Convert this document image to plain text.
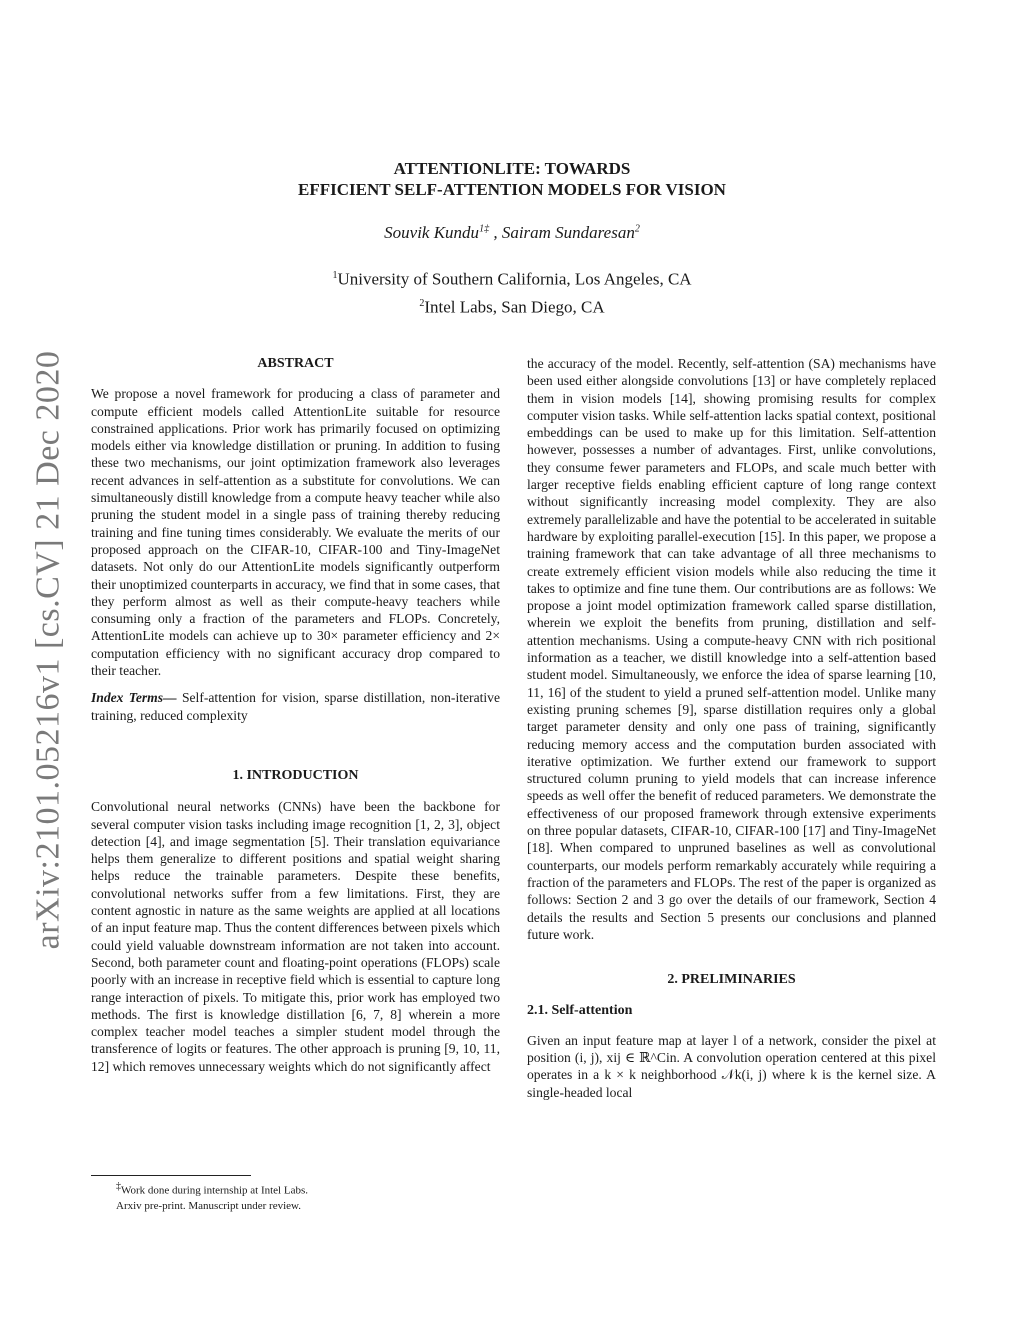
arXiv:2101.05216v1 [cs.CV] 21 Dec 2020
ATTENTIONLITE: TOWARDS
EFFICIENT SELF-ATTENTION MODELS FOR VISION
Souvik Kundu$^{1\ddagger}$ , Sairam Sundaresan$^2$
$^1$University of Southern California, Los Angeles, CA
$^2$Intel Labs, San Diego, CA
ABSTRACT

We propose a novel framework for producing a class of parameter and compute efficient models called AttentionLite suitable for resource constrained applications. Prior work has primarily focused on optimizing models either via knowledge distillation or pruning. In addition to fusing these two mechanisms, our joint optimization framework also leverages recent advances in self-attention as a substitute for convolutions. We can simultaneously distill knowledge from a compute heavy teacher while also pruning the student model in a single pass of training thereby reducing training and fine tuning times considerably. We evaluate the merits of our proposed approach on the CIFAR-10, CIFAR-100 and Tiny-ImageNet datasets. Not only do our AttentionLite models significantly outperform their unoptimized counterparts in accuracy, we find that in some cases, that they perform almost as well as their compute-heavy teachers while consuming only a fraction of the parameters and FLOPs. Concretely, AttentionLite models can achieve up to 30× parameter efficiency and 2× computation efficiency with no significant accuracy drop compared to their teacher.

Index Terms— Self-attention for vision, sparse distillation, non-iterative training, reduced complexity

1. INTRODUCTION

Convolutional neural networks (CNNs) have been the backbone for several computer vision tasks including image recognition [1, 2, 3], object detection [4], and image segmentation [5]. Their translation equivariance helps them generalize to different positions and spatial weight sharing helps reduce the trainable parameters. Despite these benefits, convolutional networks suffer from a few limitations. First, they are content agnostic in nature as the same weights are applied at all locations of an input feature map. Thus the content differences between pixels which could yield valuable downstream information are not taken into account. Second, both parameter count and floating-point operations (FLOPs) scale poorly with an increase in receptive field which is essential to capture long range interaction of pixels. To mitigate this, prior work has employed two methods. The first is knowledge distillation [6, 7, 8] wherein a more complex teacher model teaches a simpler student model through the transference of logits or features. The other approach is pruning [9, 10, 11, 12] which removes unnecessary weights which do not significantly affect

the accuracy of the model. Recently, self-attention (SA) mechanisms have been used either alongside convolutions [13] or have completely replaced them in vision models [14], showing promising results for complex computer vision tasks. While self-attention lacks spatial context, positional embeddings can be used to make up for this limitation. Self-attention however, possesses a number of advantages. First, unlike convolutions, they consume fewer parameters and FLOPs, and scale much better with larger receptive fields enabling efficient capture of long range context without significantly increasing model complexity. They are also extremely parallelizable and have the potential to be accelerated in suitable hardware by exploiting parallel-execution [15]. In this paper, we propose a training framework that can take advantage of all three mechanisms to create extremely efficient vision models while also reducing the time it takes to optimize and fine tune them. Our contributions are as follows: We propose a joint model optimization framework called sparse distillation, wherein we exploit the benefits from pruning, distillation and self-attention mechanisms. Using a compute-heavy CNN with rich positional information as a teacher, we distill knowledge into a self-attention based student model. Simultaneously, we enforce the idea of sparse learning [10, 11, 16] of the student to yield a pruned self-attention model. Unlike many existing pruning schemes [9], sparse distillation requires only a global target parameter density and only one pass of training, significantly reducing memory access and the computation burden associated with iterative optimization. We further extend our framework to support structured column pruning to yield models that can increase inference speeds as well offer the benefit of reduced parameters. We demonstrate the effectiveness of our proposed framework through extensive experiments on three popular datasets, CIFAR-10, CIFAR-100 [17] and Tiny-ImageNet [18]. When compared to unpruned baselines as well as convolutional counterparts, our models perform remarkably accurately while requiring a fraction of the parameters and FLOPs. The rest of the paper is organized as follows: Section 2 and 3 go over the details of our framework, Section 4 details the results and Section 5 presents our conclusions and planned future work.

2. PRELIMINARIES
2.1. Self-attention

Given an input feature map at layer l of a network, consider the pixel at position (i, j), xij ∈ ℝ^Cin. A convolution operation centered at this pixel operates in a k × k neighborhood 𝒩k(i, j) where k is the kernel size. A single-headed local

‡Work done during internship at Intel Labs.
Arxiv pre-print. Manuscript under review.
